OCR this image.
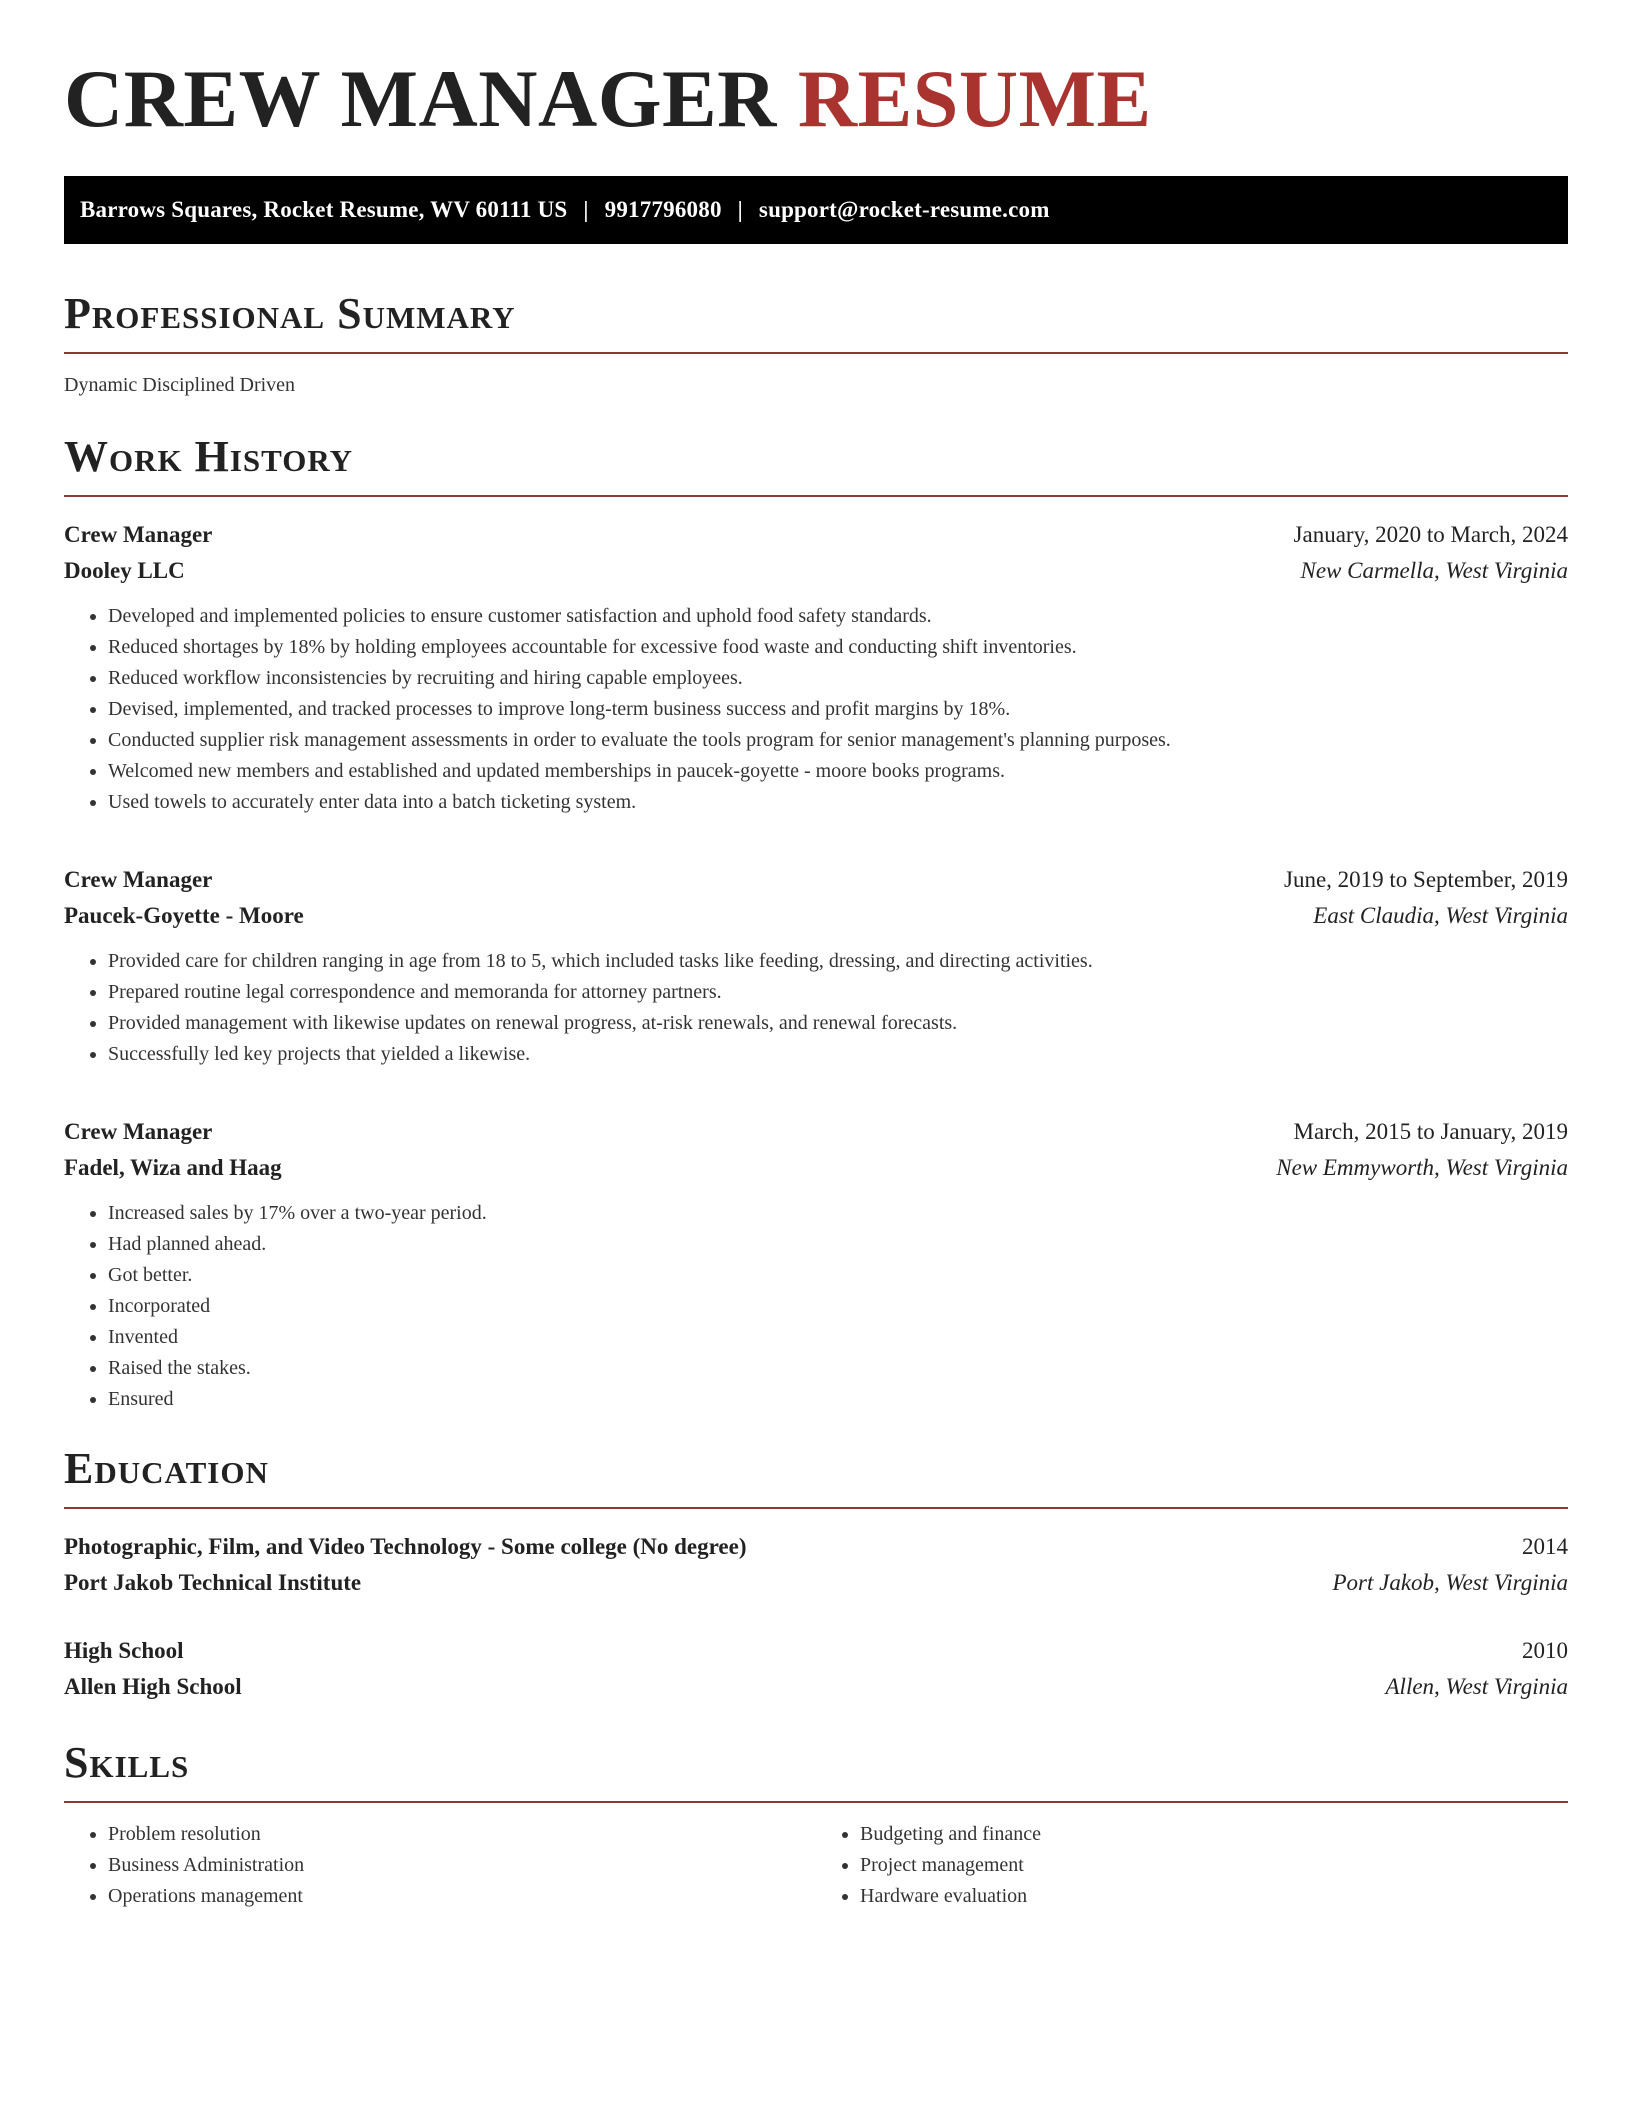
CREW MANAGER RESUME
Barrows Squares, Rocket Resume, WV 60111 US | 9917796080 | support@rocket-resume.com
Professional Summary
Dynamic Disciplined Driven
Work History
Crew Manager	January, 2020 to March, 2024
Dooley LLC	New Carmella, West Virginia
• Developed and implemented policies to ensure customer satisfaction and uphold food safety standards.
• Reduced shortages by 18% by holding employees accountable for excessive food waste and conducting shift inventories.
• Reduced workflow inconsistencies by recruiting and hiring capable employees.
• Devised, implemented, and tracked processes to improve long-term business success and profit margins by 18%.
• Conducted supplier risk management assessments in order to evaluate the tools program for senior management's planning purposes.
• Welcomed new members and established and updated memberships in paucek-goyette - moore books programs.
• Used towels to accurately enter data into a batch ticketing system.
Crew Manager	June, 2019 to September, 2019
Paucek-Goyette - Moore	East Claudia, West Virginia
• Provided care for children ranging in age from 18 to 5, which included tasks like feeding, dressing, and directing activities.
• Prepared routine legal correspondence and memoranda for attorney partners.
• Provided management with likewise updates on renewal progress, at-risk renewals, and renewal forecasts.
• Successfully led key projects that yielded a likewise.
Crew Manager	March, 2015 to January, 2019
Fadel, Wiza and Haag	New Emmyworth, West Virginia
• Increased sales by 17% over a two-year period.
• Had planned ahead.
• Got better.
• Incorporated
• Invented
• Raised the stakes.
• Ensured
Education
Photographic, Film, and Video Technology - Some college (No degree)	2014
Port Jakob Technical Institute	Port Jakob, West Virginia
High School	2010
Allen High School	Allen, West Virginia
Skills
• Problem resolution
• Business Administration
• Operations management
• Budgeting and finance
• Project management
• Hardware evaluation
